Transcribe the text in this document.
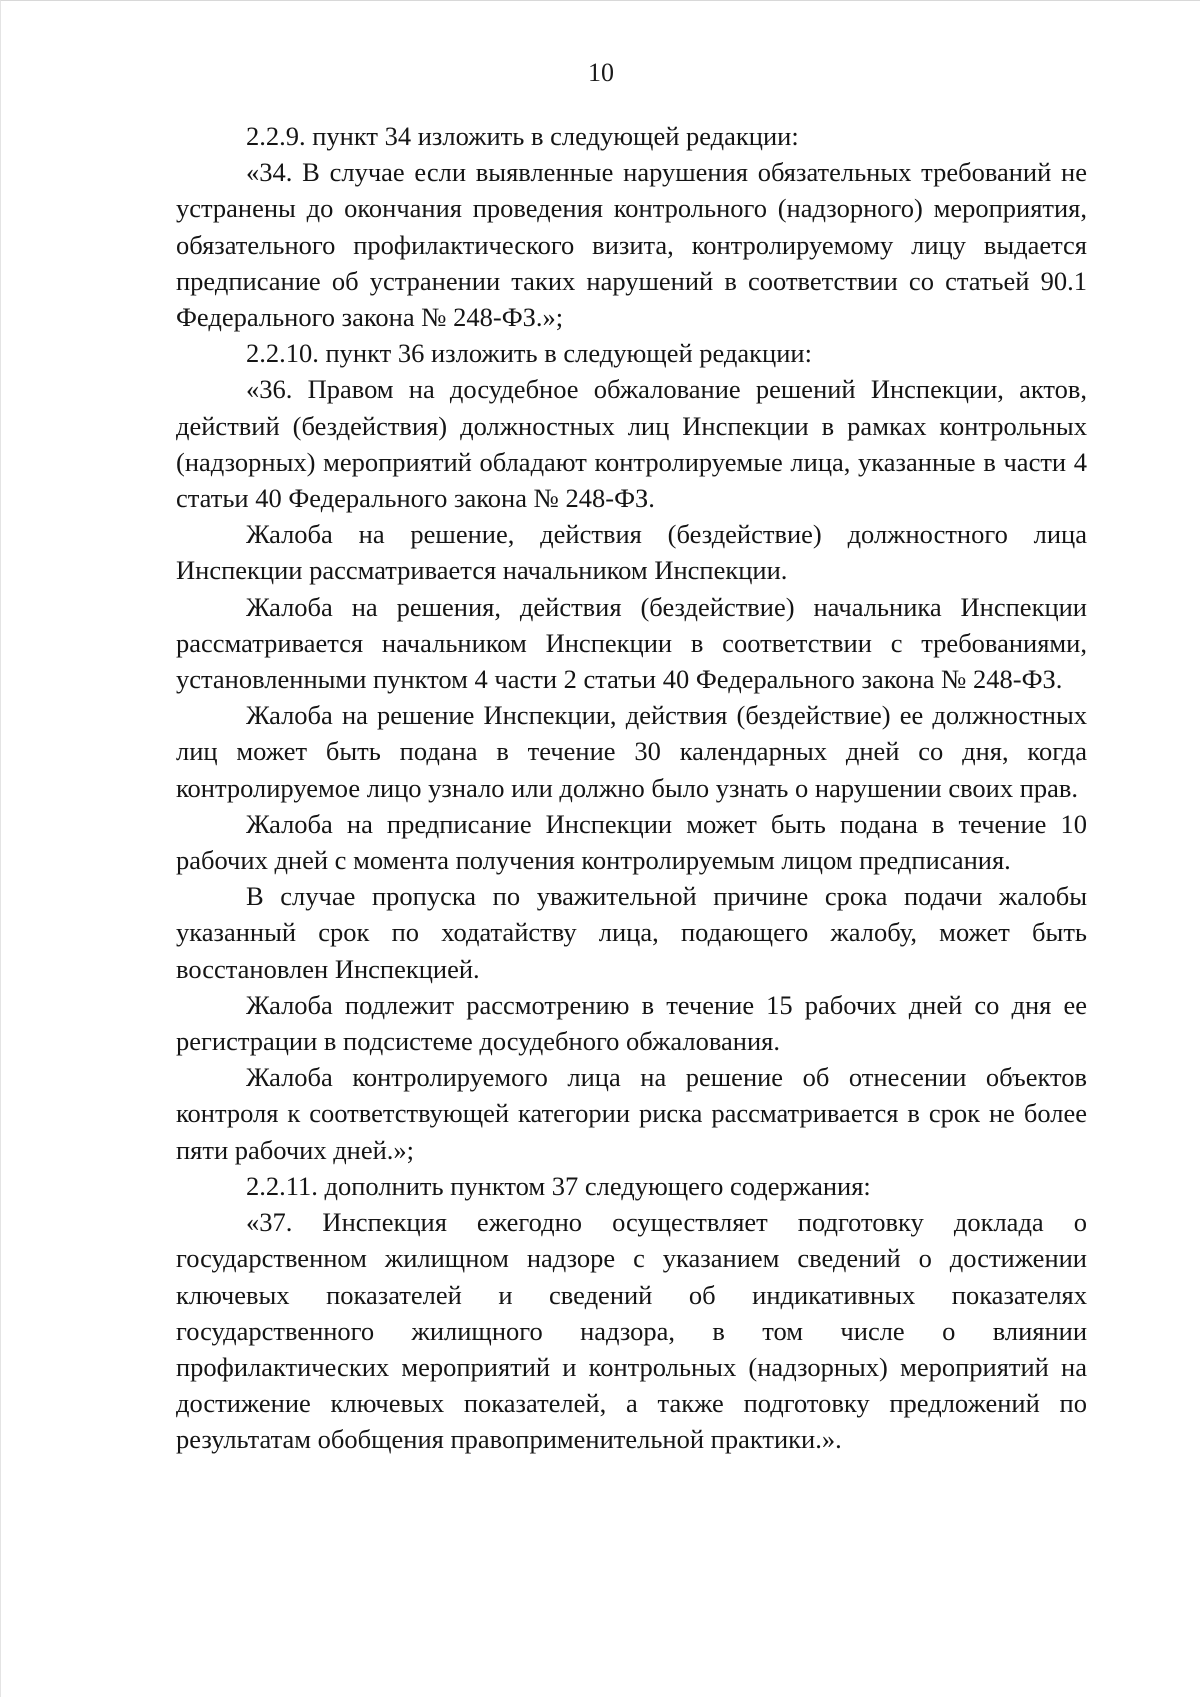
10

2.2.9. пункт 34 изложить в следующей редакции:

«34. В случае если выявленные нарушения обязательных требований не устранены до окончания проведения контрольного (надзорного) мероприятия, обязательного профилактического визита, контролируемому лицу выдается предписание об устранении таких нарушений в соответствии со статьей 90.1 Федерального закона № 248-ФЗ.»;

2.2.10. пункт 36 изложить в следующей редакции:

«36. Правом на досудебное обжалование решений Инспекции, актов, действий (бездействия) должностных лиц Инспекции в рамках контрольных (надзорных) мероприятий обладают контролируемые лица, указанные в части 4 статьи 40 Федерального закона № 248-ФЗ.

Жалоба на решение, действия (бездействие) должностного лица Инспекции рассматривается начальником Инспекции.

Жалоба на решения, действия (бездействие) начальника Инспекции рассматривается начальником Инспекции в соответствии с требованиями, установленными пунктом 4 части 2 статьи 40 Федерального закона № 248-ФЗ.

Жалоба на решение Инспекции, действия (бездействие) ее должностных лиц может быть подана в течение 30 календарных дней со дня, когда контролируемое лицо узнало или должно было узнать о нарушении своих прав.

Жалоба на предписание Инспекции может быть подана в течение 10 рабочих дней с момента получения контролируемым лицом предписания.

В случае пропуска по уважительной причине срока подачи жалобы указанный срок по ходатайству лица, подающего жалобу, может быть восстановлен Инспекцией.

Жалоба подлежит рассмотрению в течение 15 рабочих дней со дня ее регистрации в подсистеме досудебного обжалования.

Жалоба контролируемого лица на решение об отнесении объектов контроля к соответствующей категории риска рассматривается в срок не более пяти рабочих дней.»;

2.2.11. дополнить пунктом 37 следующего содержания:

«37. Инспекция ежегодно осуществляет подготовку доклада о государственном жилищном надзоре с указанием сведений о достижении ключевых показателей и сведений об индикативных показателях государственного жилищного надзора, в том числе о влиянии профилактических мероприятий и контрольных (надзорных) мероприятий на достижение ключевых показателей, а также подготовку предложений по результатам обобщения правоприменительной практики.».
